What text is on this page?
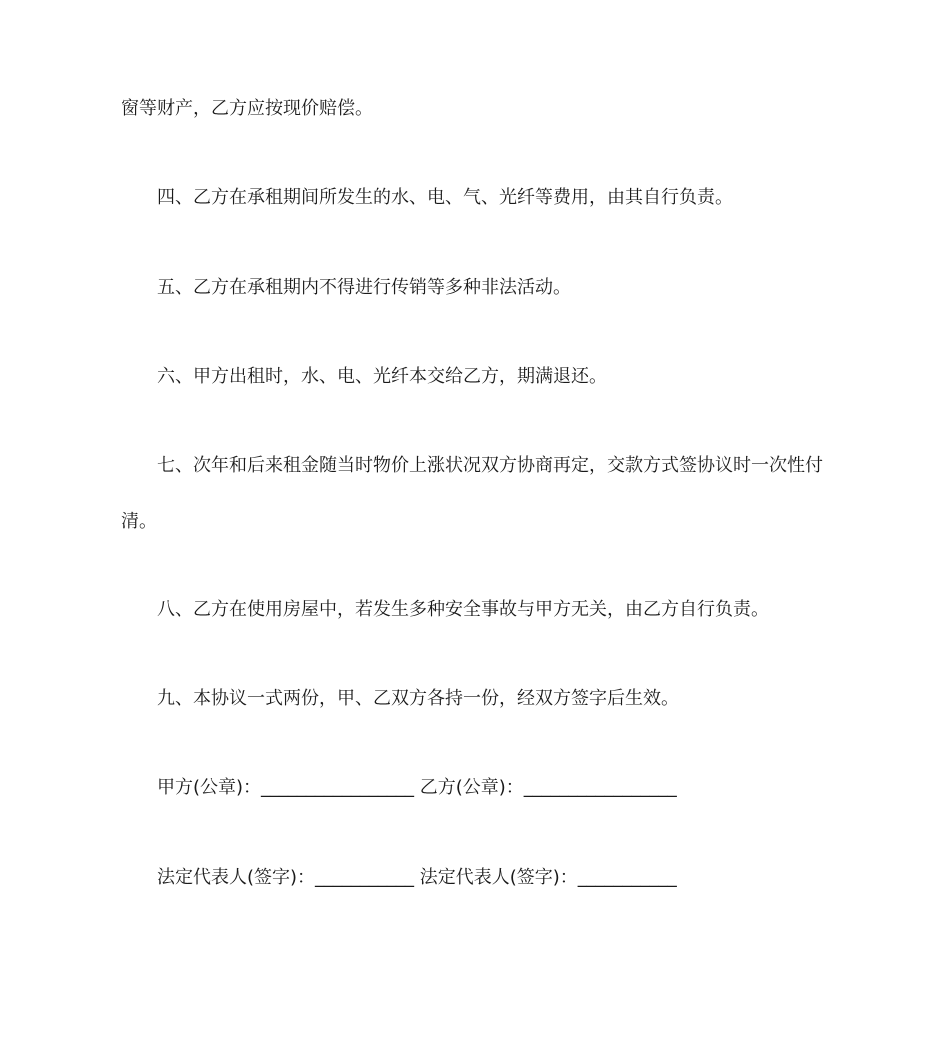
窗等财产，乙方应按现价赔偿。
四、乙方在承租期间所发生的水、电、气、光纤等费用，由其自行负责。
五、乙方在承租期内不得进行传销等多种非法活动。
六、甲方出租时，水、电、光纤本交给乙方，期满退还。
七、次年和后来租金随当时物价上涨状况双方协商再定，交款方式签协议时一次性付
清。
八、乙方在使用房屋中，若发生多种安全事故与甲方无关，由乙方自行负责。
九、本协议一式两份，甲、乙双方各持一份，经双方签字后生效。
甲方(公章)：_________________ 乙方(公章)：_________________
法定代表人(签字)：___________ 法定代表人(签字)：___________
